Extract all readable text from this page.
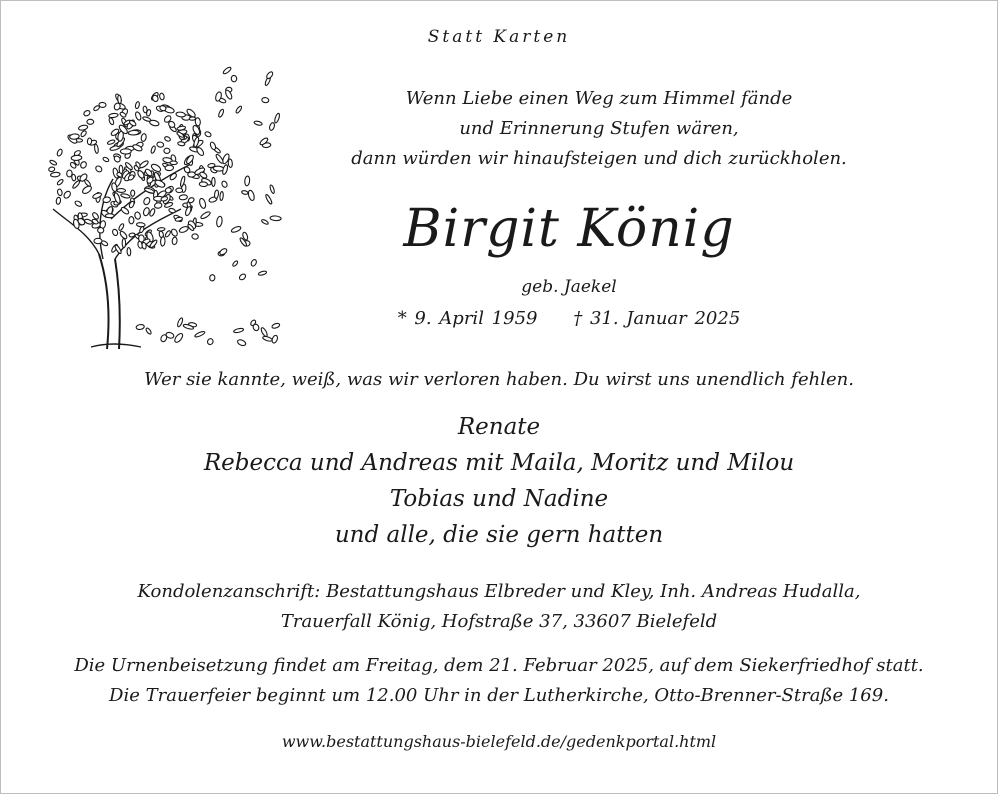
Statt Karten
Wenn Liebe einen Weg zum Himmel fände
und Erinnerung Stufen wären,
dann würden wir hinaufsteigen und dich zurückholen.
Birgit König
geb. Jaekel
* 9. April 1959 † 31. Januar 2025
Wer sie kannte, weiß, was wir verloren haben. Du wirst uns unendlich fehlen.
Renate
Rebecca und Andreas mit Maila, Moritz und Milou
Tobias und Nadine
und alle, die sie gern hatten
Kondolenzanschrift: Bestattungshaus Elbreder und Kley, Inh. Andreas Hudalla,
Trauerfall König, Hofstraße 37, 33607 Bielefeld
Die Urnenbeisetzung findet am Freitag, dem 21. Februar 2025, auf dem Siekerfriedhof statt.
Die Trauerfeier beginnt um 12.00 Uhr in der Lutherkirche, Otto-Brenner-Straße 169.
www.bestattungshaus-bielefeld.de/gedenkportal.html
